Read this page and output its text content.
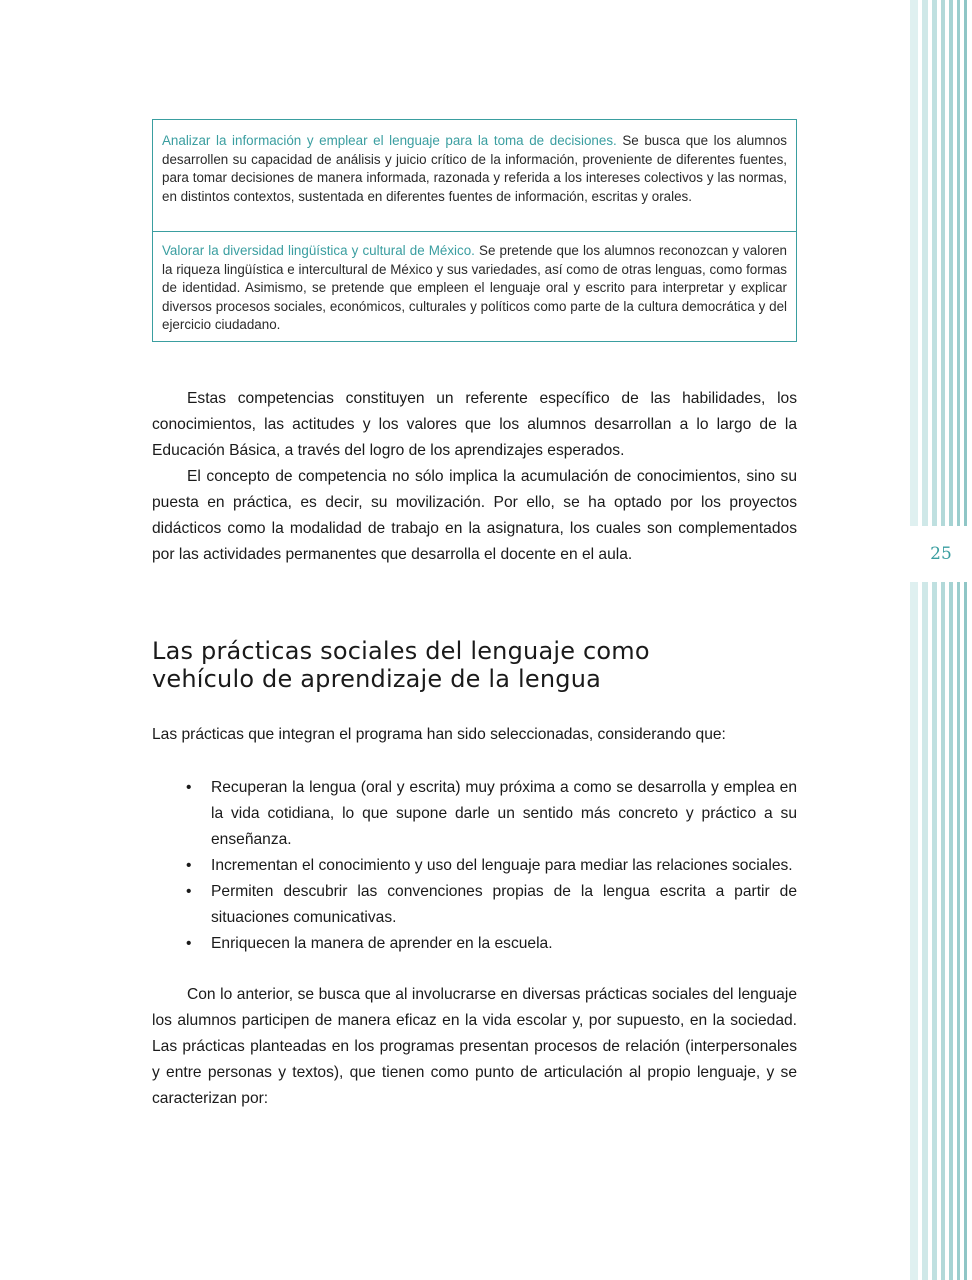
25
Analizar la información y emplear el lenguaje para la toma de decisiones. Se busca que los alumnos desarrollen su capacidad de análisis y juicio crítico de la información, proveniente de diferentes fuentes, para tomar decisiones de manera informada, razonada y referida a los intereses colectivos y las normas, en distintos contextos, sustentada en diferentes fuentes de información, escritas y orales.
Valorar la diversidad lingüística y cultural de México. Se pretende que los alumnos reconozcan y valoren la riqueza lingüística e intercultural de México y sus variedades, así como de otras lenguas, como formas de identidad. Asimismo, se pretende que empleen el lenguaje oral y escrito para interpretar y explicar diversos procesos sociales, económicos, culturales y políticos como parte de la cultura democrática y del ejercicio ciudadano.

Estas competencias constituyen un referente específico de las habilidades, los conocimientos, las actitudes y los valores que los alumnos desarrollan a lo largo de la Educación Básica, a través del logro de los aprendizajes esperados.

El concepto de competencia no sólo implica la acumulación de conocimientos, sino su puesta en práctica, es decir, su movilización. Por ello, se ha optado por los proyectos didácticos como la modalidad de trabajo en la asignatura, los cuales son complementados por las actividades permanentes que desarrolla el docente en el aula.

Las prácticas sociales del lenguaje como
vehículo de aprendizaje de la lengua
Las prácticas que integran el programa han sido seleccionadas, considerando que:
•	Recuperan la lengua (oral y escrita) muy próxima a como se desarrolla y emplea en la vida cotidiana, lo que supone darle un sentido más concreto y práctico a su enseñanza.
•	Incrementan el conocimiento y uso del lenguaje para mediar las relaciones sociales.
•	Permiten descubrir las convenciones propias de la lengua escrita a partir de situaciones comunicativas.
•	Enriquecen la manera de aprender en la escuela.

Con lo anterior, se busca que al involucrarse en diversas prácticas sociales del lenguaje los alumnos participen de manera eficaz en la vida escolar y, por supuesto, en la sociedad. Las prácticas planteadas en los programas presentan procesos de relación (interpersonales y entre personas y textos), que tienen como punto de articulación al propio lenguaje, y se caracterizan por:
